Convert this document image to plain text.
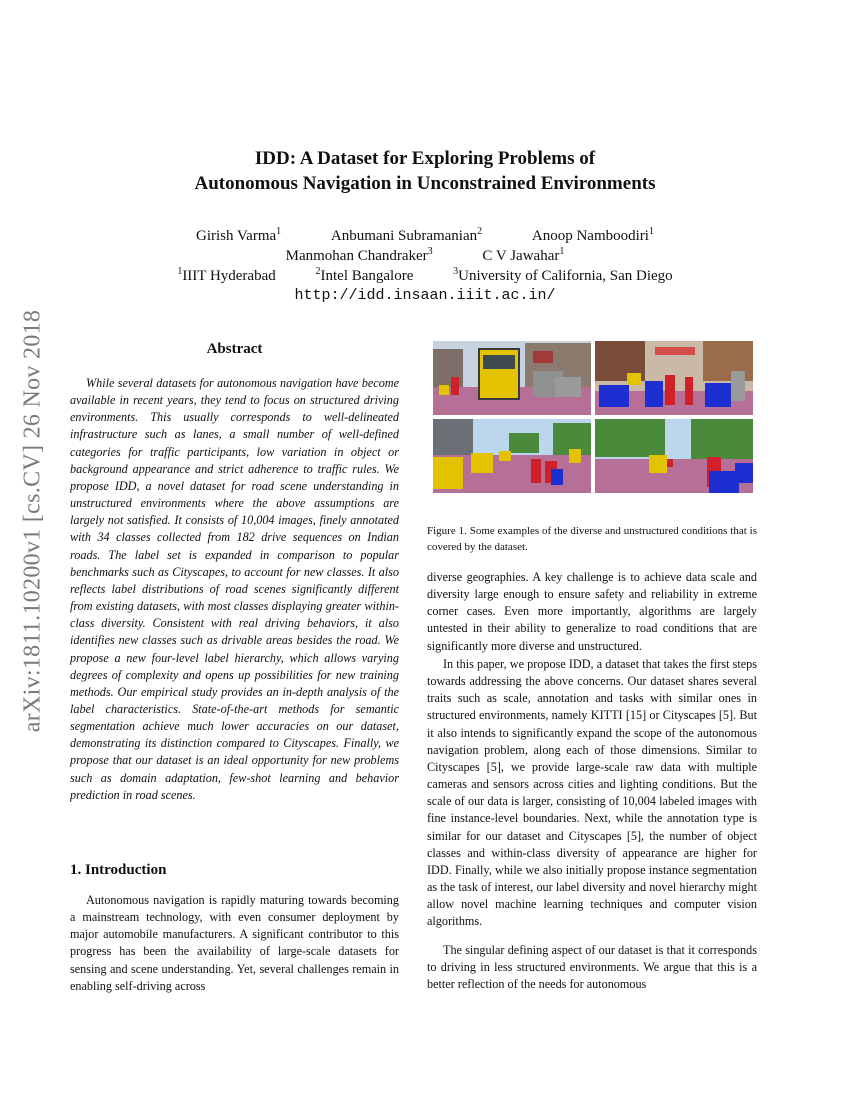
arXiv:1811.10200v1 [cs.CV] 26 Nov 2018
IDD: A Dataset for Exploring Problems of
Autonomous Navigation in Unconstrained Environments
Girish Varma$^1$	Anbumani Subramanian$^2$	Anoop Namboodiri$^1$
Manmohan Chandraker$^3$	C V Jawahar$^1$
$^1$IIIT Hyderabad	$^2$Intel Bangalore	$^3$University of California, San Diego
http://idd.insaan.iiit.ac.in/
Abstract

While several datasets for autonomous navigation have become available in recent years, they tend to focus on structured driving environments. This usually corresponds to well-delineated infrastructure such as lanes, a small number of well-defined categories for traffic participants, low variation in object or background appearance and strict adherence to traffic rules. We propose IDD, a novel dataset for road scene understanding in unstructured environments where the above assumptions are largely not satisfied. It consists of 10,004 images, finely annotated with 34 classes collected from 182 drive sequences on Indian roads. The label set is expanded in comparison to popular benchmarks such as Cityscapes, to account for new classes. It also reflects label distributions of road scenes significantly different from existing datasets, with most classes displaying greater within-class diversity. Consistent with real driving behaviors, it also identifies new classes such as drivable areas besides the road. We propose a new four-level label hierarchy, which allows varying degrees of complexity and opens up possibilities for new training methods. Our empirical study provides an in-depth analysis of the label characteristics. State-of-the-art methods for semantic segmentation achieve much lower accuracies on our dataset, demonstrating its distinction compared to Cityscapes. Finally, we propose that our dataset is an ideal opportunity for new problems such as domain adaptation, few-shot learning and behavior prediction in road scenes.

1. Introduction

Autonomous navigation is rapidly maturing towards becoming a mainstream technology, with even consumer deployment by major automobile manufacturers. A significant contributor to this progress has been the availability of large-scale datasets for sensing and scene understanding. Yet, several challenges remain in enabling self-driving across

Figure 1. Some examples of the diverse and unstructured conditions that is covered by the dataset.

diverse geographies. A key challenge is to achieve data scale and diversity large enough to ensure safety and reliability in extreme corner cases. Even more importantly, algorithms are largely untested in their ability to generalize to road conditions that are significantly more diverse and unstructured.

In this paper, we propose IDD, a dataset that takes the first steps towards addressing the above concerns. Our dataset shares several traits such as scale, annotation and tasks with similar ones in structured environments, namely KITTI [15] or Cityscapes [5]. But it also intends to significantly expand the scope of the autonomous navigation problem, along each of those dimensions. Similar to Cityscapes [5], we provide large-scale raw data with multiple cameras and sensors across cities and lighting conditions. But the scale of our data is larger, consisting of 10,004 labeled images with fine instance-level boundaries. Next, while the annotation type is similar for our dataset and Cityscapes [5], the number of object classes and within-class diversity of appearance are higher for IDD. Finally, while we also initially propose instance segmentation as the task of interest, our label diversity and novel hierarchy might allow novel machine learning techniques and computer vision algorithms.

The singular defining aspect of our dataset is that it corresponds to driving in less structured environments. We argue that this is a better reflection of the needs for autonomous
